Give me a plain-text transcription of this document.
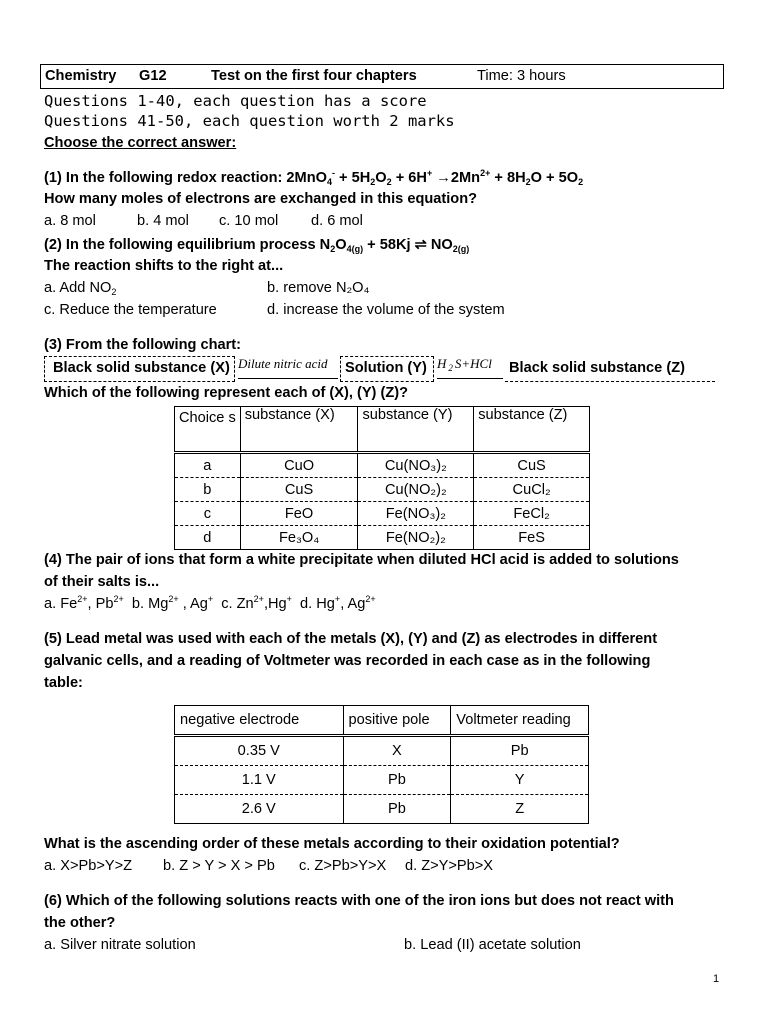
Chemistry G12	Test on the first four chapters	Time: 3 hours
Questions 1-40, each question has a score
Questions 41-50, each question worth 2 marks
Choose the correct answer:
(1) In the following redox reaction: $2MnO_4^- + 5H_2O_2 + 6H^+ \to 2Mn^{2+} + 8H_2O + 5O_2$
How many moles of electrons are exchanged in this equation?
a. 8 mol	b. 4 mol c. 10 mol d. 6 mol
(2) In the following equilibrium process $N_2O_{4(g)} + 58Kj$ ⇌ $NO_{2(g)}$
The reaction shifts to the right at...
a. Add $NO_2$	b. remove N₂O₄
c. Reduce the temperature	d. increase the volume of the system
(3) From the following chart:
Black solid substance (X) Dilute nitric acid Solution (Y) H $_2$ S+HCl Black solid substance (Z)
Which of the following represent each of (X), (Y) (Z)?
Choice s	substance (X)	substance (Y)	substance (Z)
a	CuO	Cu(NO₃)₂	CuS
b	CuS	Cu(NO₂)₂	CuCl₂
c	FeO	Fe(NO₃)₂	FeCl₂
d	Fe₃O₄	Fe(NO₂)₂	FeS
(4) The pair of ions that form a white precipitate when diluted HCl acid is added to solutions
of their salts is...
a. $Fe^{2+}$, $Pb^{2+}$  b. $Mg^{2+}$ , Ag+  c. $Zn^{2+},Hg^+$  d. Hg+, $Ag^{2+}$
(5) Lead metal was used with each of the metals (X), (Y) and (Z) as electrodes in different
galvanic cells, and a reading of Voltmeter was recorded in each case as in the following
table:
negative electrode	positive pole	Voltmeter reading
0.35 V	X	Pb
1.1 V	Pb	Y
2.6 V	Pb	Z
What is the ascending order of these metals according to their oxidation potential?
a. X>Pb>Y>Z b. Z > Y > X > Pb c. Z>Pb>Y>X d. Z>Y>Pb>X
(6) Which of the following solutions reacts with one of the iron ions but does not react with
the other?
a. Silver nitrate solution	b. Lead (II) acetate solution
1
